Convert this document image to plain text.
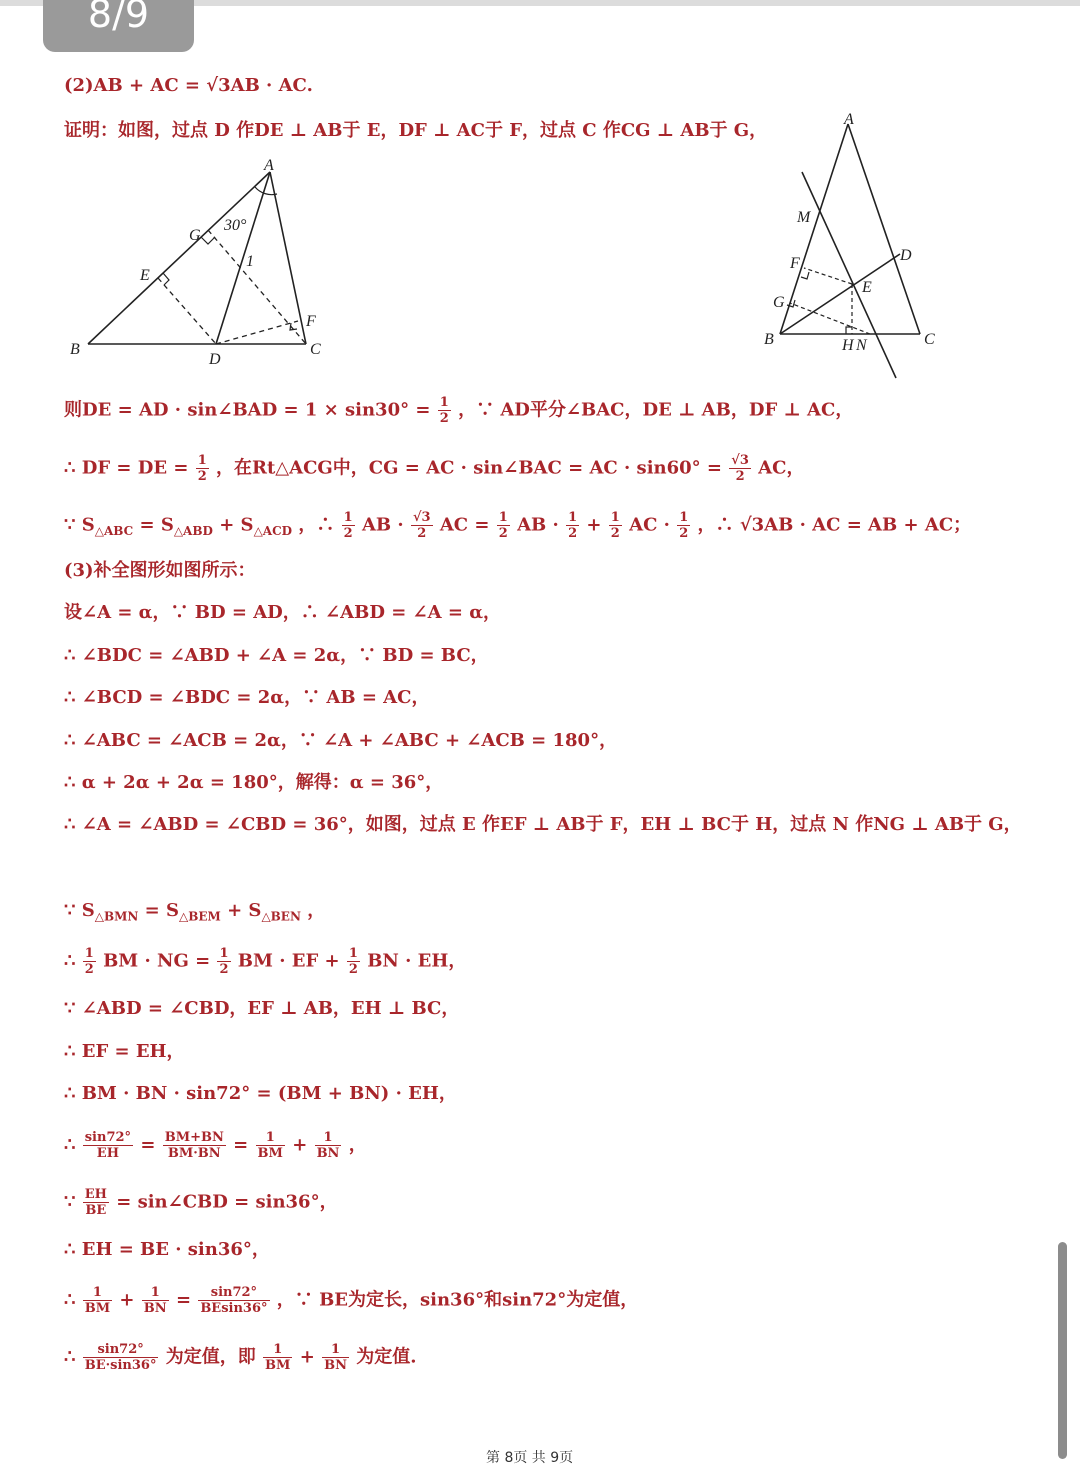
8/9
(2)AB + AC = √3AB · AC.
证明：如图，过点 D 作DE ⊥ AB于 E，DF ⊥ AC于 F，过点 C 作CG ⊥ AB于 G，
A
B	C
D
E
F
G
30°
1
A
B	C
D
E
F
G
M
H N
则DE = AD · sin∠BAD = $1 \times \sin 30^\circ = \frac{1}{2}$ ，∵ AD平分∠BAC，DE ⊥ AB，DF ⊥ AC，
∴ DF = DE = $\frac{1}{2}$ ，在Rt△ACG中，CG = AC · sin∠BAC = AC · $\sin 60^\circ = \frac{√3}{2}$ AC，
∵ $S_{\triangle ABC} = S_{\triangle ABD} + S_{\triangle ACD}$ ，∴ $\frac{1}{2}$ AB · $\frac{√3}{2}$ AC = $\frac{1}{2}$ AB · $\frac{1}{2} + \frac{1}{2}$ AC · $\frac{1}{2}$ ，∴ √3AB · AC = AB + AC；
(3)补全图形如图所示：
设∠A = α，∵ BD = AD，∴ ∠ABD = ∠A = α，
∴ ∠BDC = ∠ABD + ∠A = 2α，∵ BD = BC，
∴ ∠BCD = ∠BDC = 2α，∵ AB = AC，
∴ ∠ABC = ∠ACB = 2α，∵ ∠A + ∠ABC + ∠ACB = 180°，
∴ α + 2α + 2α = 180°，解得：α = 36°，
∴ ∠A = ∠ABD = ∠CBD = 36°，如图，过点 E 作EF ⊥ AB于 F，EH ⊥ BC于 H，过点 N 作NG ⊥ AB于 G，
∵ $S_{\triangle BMN} = S_{\triangle BEM} + S_{\triangle BEN}$ ，
∴ $\frac{1}{2}$ BM · NG = $\frac{1}{2}$ BM · EF + $\frac{1}{2}$ BN · EH，
∵ ∠ABD = ∠CBD，EF ⊥ AB，EH ⊥ BC，
∴ EF = EH，
∴ BM · BN · sin72° = (BM + BN) · EH，
∴ $\frac{\sin 72^\circ}{EH} = \frac{BM+BN}{BM\cdot BN} = \frac{1}{BM} + \frac{1}{BN}$ ，
∵ $\frac{EH}{BE}$ = sin∠CBD = sin36°，
∴ EH = BE · sin36°，
∴ $\frac{1}{BM} + \frac{1}{BN} = \frac{\sin 72^\circ}{BEsin36^\circ}$ ，∵ BE为定长，sin36°和sin72°为定值，
∴ $\frac{\sin 72^\circ}{BE\cdot\sin 36^\circ}$ 为定值，即 $\frac{1}{BM} + \frac{1}{BN}$ 为定值.
第 8页 共 9页
